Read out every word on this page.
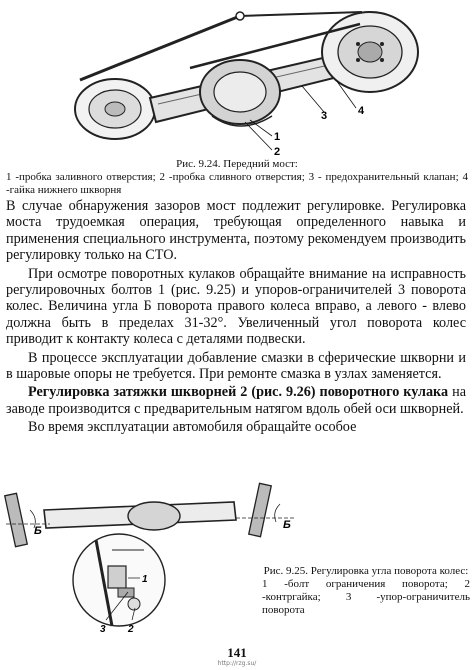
1
2
3	4
Рис. 9.24. Передний мост:
1 -пробка заливного отверстия; 2 -пробка сливного отверстия; 3 - предохранительный клапан; 4 -гайка нижнего шкворня

В случае обнаружения зазоров мост подлежит регулировке. Регулировка моста трудоемкая операция, требующая определенного навыка и применения специального инструмента, поэтому рекомендуем производить регулировку только на СТО.

При осмотре поворотных кулаков обращайте внимание на исправность регулировочных болтов 1 (рис. 9.25) и упоров-ограничителей 3 поворота колес. Величина угла Б поворота правого колеса вправо, а левого - влево должна быть в пределах 31-32°. Увеличенный угол поворота колес приводит к контакту колеса с деталями подвески.

В процессе эксплуатации добавление смазки в сферические шкворни и в шаровые опоры не требуется. При ремонте смазка в узлах заменяется.

Регулировка затяжки шкворней 2 (рис. 9.26) поворотного кулака на заводе производится с предварительным натягом вдоль обей оси шкворней.

Во время эксплуатации автомобиля обращайте особое

Б	Б
1
3 2
Рис. 9.25. Регулировка угла поворота колес:
1 -болт ограничения поворота; 2 -контргайка; 3 -упор-ограничитель поворота
141
http://rzg.su/
